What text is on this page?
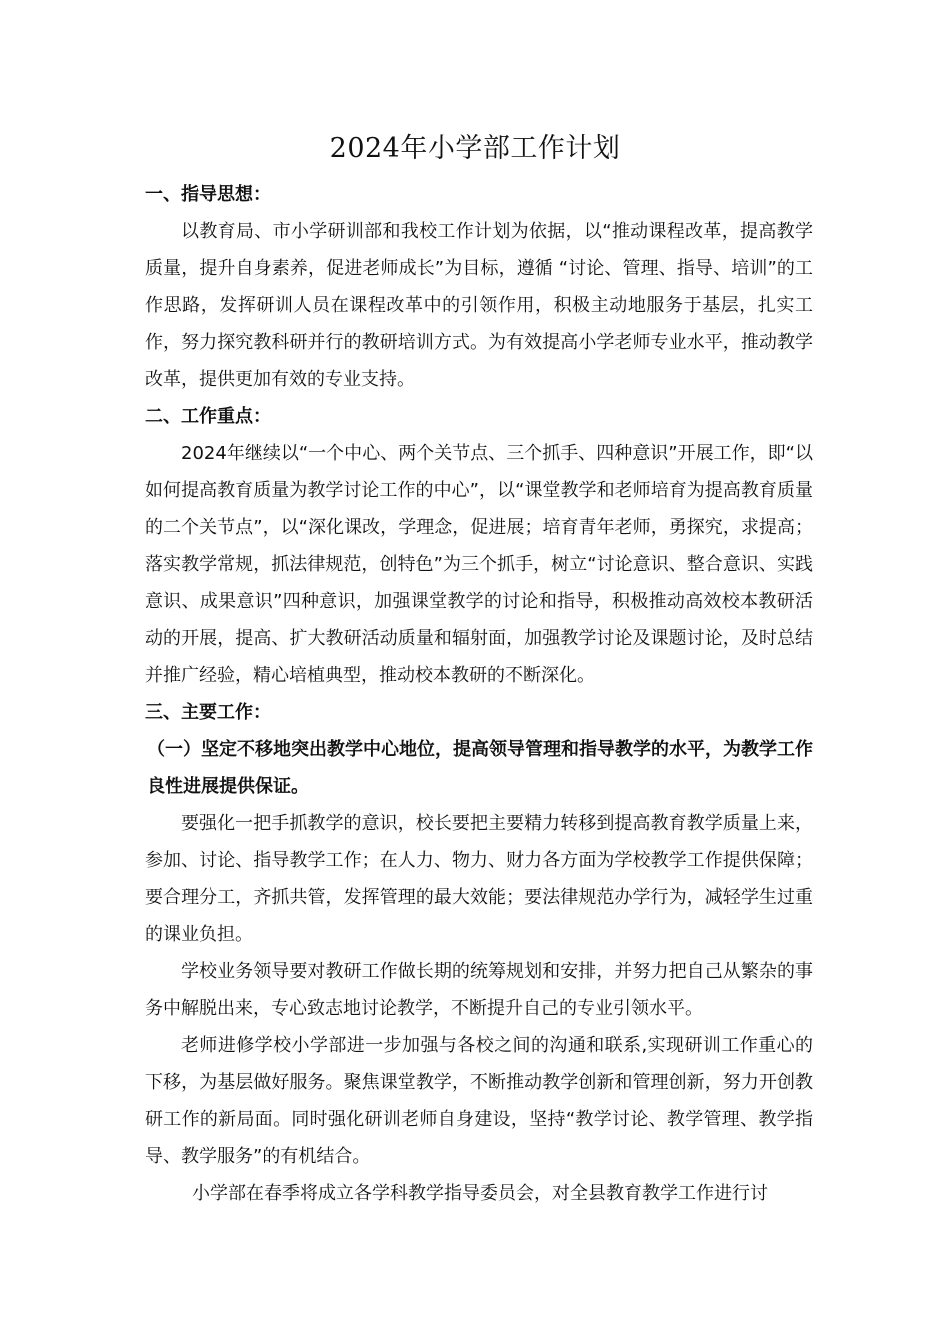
2024年小学部工作计划

一、指导思想：

以教育局、市小学研训部和我校工作计划为依据，以“推动课程改革，提高教学质量，提升自身素养，促进老师成长”为目标，遵循 “讨论、管理、指导、培训”的工作思路，发挥研训人员在课程改革中的引领作用，积极主动地服务于基层，扎实工作，努力探究教科研并行的教研培训方式。为有效提高小学老师专业水平，推动教学改革，提供更加有效的专业支持。

二、工作重点：

2024年继续以“一个中心、两个关节点、三个抓手、四种意识”开展工作，即“以如何提高教育质量为教学讨论工作的中心”，以“课堂教学和老师培育为提高教育质量的二个关节点”，以“深化课改，学理念，促进展；培育青年老师，勇探究，求提高；落实教学常规，抓法律规范，创特色”为三个抓手，树立“讨论意识、整合意识、实践意识、成果意识”四种意识，加强课堂教学的讨论和指导，积极推动高效校本教研活动的开展，提高、扩大教研活动质量和辐射面，加强教学讨论及课题讨论，及时总结并推广经验，精心培植典型，推动校本教研的不断深化。

三、主要工作：

（一）坚定不移地突出教学中心地位，提高领导管理和指导教学的水平，为教学工作良性进展提供保证。

要强化一把手抓教学的意识，校长要把主要精力转移到提高教育教学质量上来，参加、讨论、指导教学工作；在人力、物力、财力各方面为学校教学工作提供保障；要合理分工，齐抓共管，发挥管理的最大效能；要法律规范办学行为，减轻学生过重的课业负担。

学校业务领导要对教研工作做长期的统筹规划和安排，并努力把自己从繁杂的事务中解脱出来，专心致志地讨论教学，不断提升自己的专业引领水平。

老师进修学校小学部进一步加强与各校之间的沟通和联系,实现研训工作重心的下移，为基层做好服务。聚焦课堂教学，不断推动教学创新和管理创新，努力开创教研工作的新局面。同时强化研训老师自身建设，坚持“教学讨论、教学管理、教学指导、教学服务”的有机结合。

小学部在春季将成立各学科教学指导委员会，对全县教育教学工作进行讨
